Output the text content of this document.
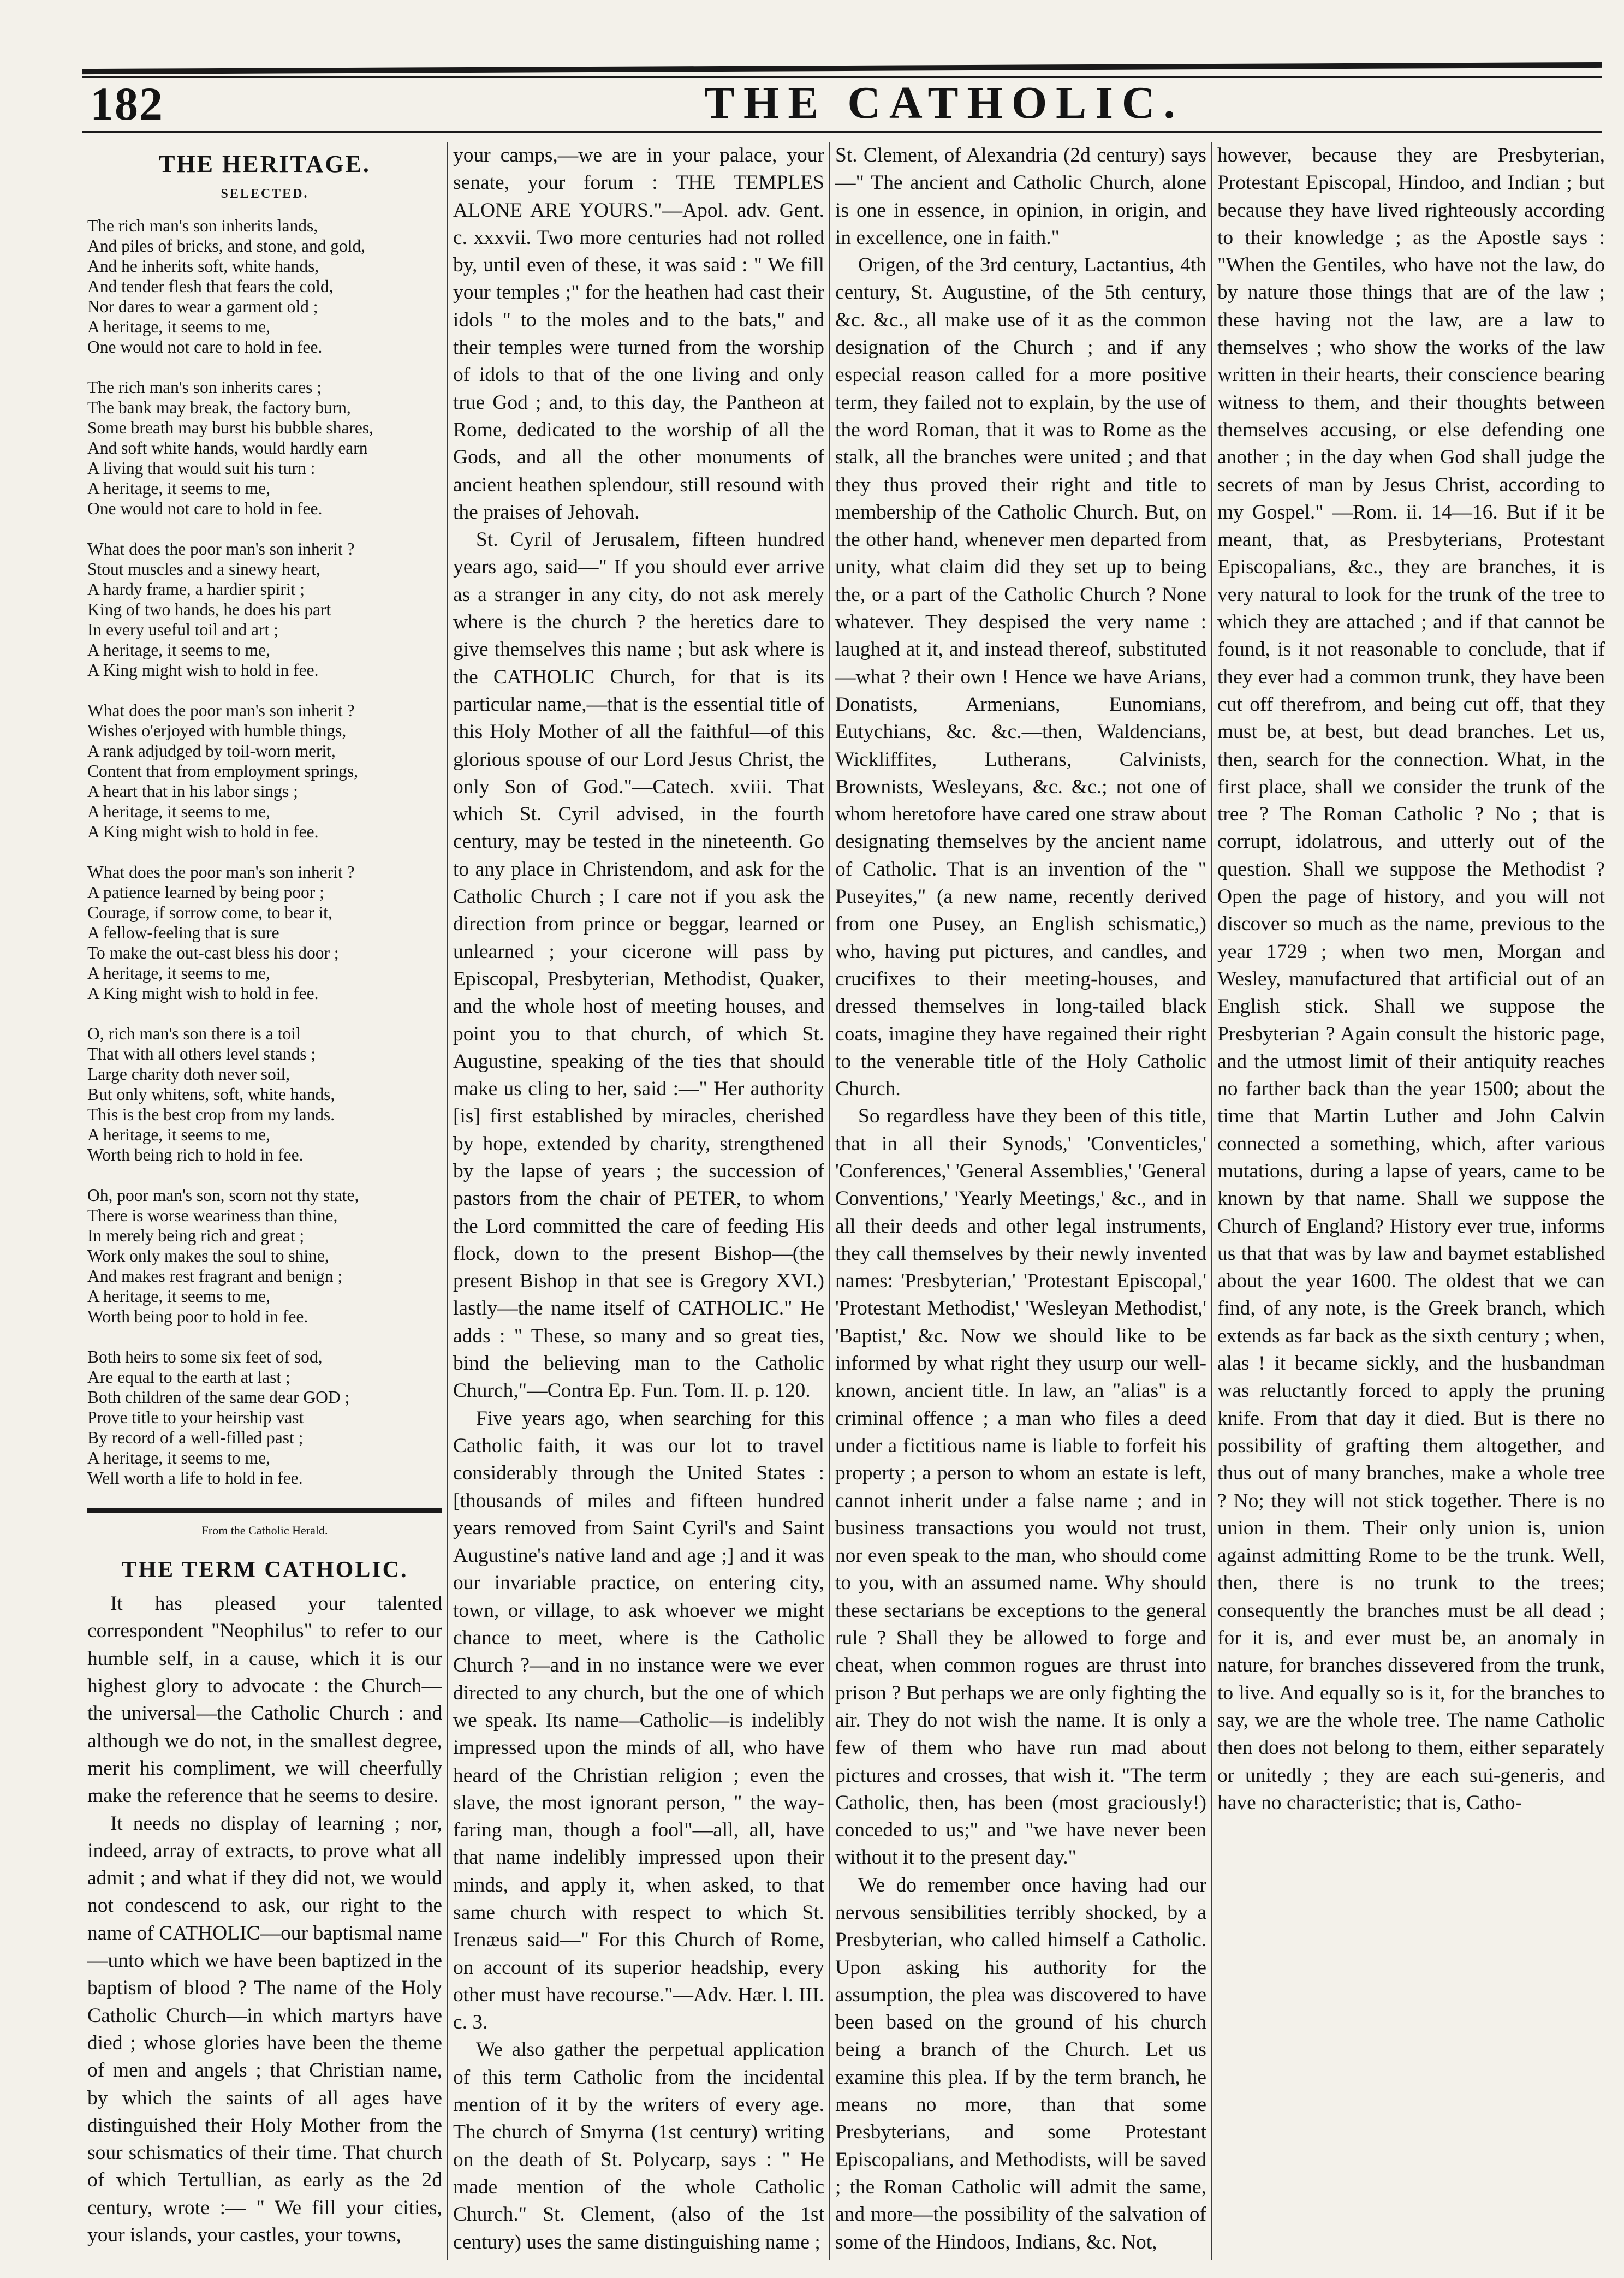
182	THE CATHOLIC.
THE HERITAGE.
SELECTED.
The rich man's son inherits lands,
And piles of bricks, and stone, and gold,
And he inherits soft, white hands,
And tender flesh that fears the cold,
Nor dares to wear a garment old ;
A heritage, it seems to me,
One would not care to hold in fee.
The rich man's son inherits cares ;
The bank may break, the factory burn,
Some breath may burst his bubble shares,
And soft white hands, would hardly earn
A living that would suit his turn :
A heritage, it seems to me,
One would not care to hold in fee.
What does the poor man's son inherit ?
Stout muscles and a sinewy heart,
A hardy frame, a hardier spirit ;
King of two hands, he does his part
In every useful toil and art ;
A heritage, it seems to me,
A King might wish to hold in fee.
What does the poor man's son inherit ?
Wishes o'erjoyed with humble things,
A rank adjudged by toil-worn merit,
Content that from employment springs,
A heart that in his labor sings ;
A heritage, it seems to me,
A King might wish to hold in fee.
What does the poor man's son inherit ?
A patience learned by being poor ;
Courage, if sorrow come, to bear it,
A fellow-feeling that is sure
To make the out-cast bless his door ;
A heritage, it seems to me,
A King might wish to hold in fee.
O, rich man's son there is a toil
That with all others level stands ;
Large charity doth never soil,
But only whitens, soft, white hands,
This is the best crop from my lands.
A heritage, it seems to me,
Worth being rich to hold in fee.
Oh, poor man's son, scorn not thy state,
There is worse weariness than thine,
In merely being rich and great ;
Work only makes the soul to shine,
And makes rest fragrant and benign ;
A heritage, it seems to me,
Worth being poor to hold in fee.
Both heirs to some six feet of sod,
Are equal to the earth at last ;
Both children of the same dear GOD ;
Prove title to your heirship vast
By record of a well-filled past ;
A heritage, it seems to me,
Well worth a life to hold in fee.
From the Catholic Herald.
THE TERM CATHOLIC.

It has pleased your talented correspondent "Neophilus" to refer to our humble self, in a cause, which it is our highest glory to advocate : the Church—the universal—the Catholic Church : and although we do not, in the smallest degree, merit his compliment, we will cheerfully make the reference that he seems to desire.

It needs no display of learning ; nor, indeed, array of extracts, to prove what all admit ; and what if they did not, we would not condescend to ask, our right to the name of CATHOLIC—our baptismal name—unto which we have been baptized in the baptism of blood ? The name of the Holy Catholic Church—in which martyrs have died ; whose glories have been the theme of men and angels ; that Christian name, by which the saints of all ages have distinguished their Holy Mother from the sour schismatics of their time. That church of which Tertullian, as early as the 2d century, wrote :— " We fill your cities, your islands, your castles, your towns,

your camps,—we are in your palace, your senate, your forum : THE TEMPLES ALONE ARE YOURS."—Apol. adv. Gent. c. xxxvii. Two more centuries had not rolled by, until even of these, it was said : " We fill your temples ;" for the heathen had cast their idols " to the moles and to the bats," and their temples were turned from the worship of idols to that of the one living and only true God ; and, to this day, the Pantheon at Rome, dedicated to the worship of all the Gods, and all the other monuments of ancient heathen splendour, still resound with the praises of Jehovah.

St. Cyril of Jerusalem, fifteen hundred years ago, said—" If you should ever arrive as a stranger in any city, do not ask merely where is the church ? the heretics dare to give themselves this name ; but ask where is the CATHOLIC Church, for that is its particular name,—that is the essential title of this Holy Mother of all the faithful—of this glorious spouse of our Lord Jesus Christ, the only Son of God."—Catech. xviii. That which St. Cyril advised, in the fourth century, may be tested in the nineteenth. Go to any place in Christendom, and ask for the Catholic Church ; I care not if you ask the direction from prince or beggar, learned or unlearned ; your cicerone will pass by Episcopal, Presbyterian, Methodist, Quaker, and the whole host of meeting houses, and point you to that church, of which St. Augustine, speaking of the ties that should make us cling to her, said :—" Her authority [is] first established by miracles, cherished by hope, extended by charity, strengthened by the lapse of years ; the succession of pastors from the chair of PETER, to whom the Lord committed the care of feeding His flock, down to the present Bishop—(the present Bishop in that see is Gregory XVI.) lastly—the name itself of CATHOLIC." He adds : " These, so many and so great ties, bind the believing man to the Catholic Church,"—Contra Ep. Fun. Tom. II. p. 120.

Five years ago, when searching for this Catholic faith, it was our lot to travel considerably through the United States : [thousands of miles and fifteen hundred years removed from Saint Cyril's and Saint Augustine's native land and age ;] and it was our invariable practice, on entering city, town, or village, to ask whoever we might chance to meet, where is the Catholic Church ?—and in no instance were we ever directed to any church, but the one of which we speak. Its name—Catholic—is indelibly impressed upon the minds of all, who have heard of the Christian religion ; even the slave, the most ignorant person, " the way-faring man, though a fool"—all, all, have that name indelibly impressed upon their minds, and apply it, when asked, to that same church with respect to which St. Irenæus said—" For this Church of Rome, on account of its superior headship, every other must have recourse."—Adv. Hær. l. III. c. 3.

We also gather the perpetual application of this term Catholic from the incidental mention of it by the writers of every age. The church of Smyrna (1st century) writing on the death of St. Polycarp, says : " He made mention of the whole Catholic Church." St. Clement, (also of the 1st century) uses the same distinguishing name ;

St. Clement, of Alexandria (2d century) says—" The ancient and Catholic Church, alone is one in essence, in opinion, in origin, and in excellence, one in faith."

Origen, of the 3rd century, Lactantius, 4th century, St. Augustine, of the 5th century, &c. &c., all make use of it as the common designation of the Church ; and if any especial reason called for a more positive term, they failed not to explain, by the use of the word Roman, that it was to Rome as the stalk, all the branches were united ; and that they thus proved their right and title to membership of the Catholic Church. But, on the other hand, whenever men departed from unity, what claim did they set up to being the, or a part of the Catholic Church ? None whatever. They despised the very name : laughed at it, and instead thereof, substituted—what ? their own ! Hence we have Arians, Donatists, Armenians, Eunomians, Eutychians, &c. &c.—then, Waldencians, Wickliffites, Lutherans, Calvinists, Brownists, Wesleyans, &c. &c.; not one of whom heretofore have cared one straw about designating themselves by the ancient name of Catholic. That is an invention of the " Puseyites," (a new name, recently derived from one Pusey, an English schismatic,) who, having put pictures, and candles, and crucifixes to their meeting-houses, and dressed themselves in long-tailed black coats, imagine they have regained their right to the venerable title of the Holy Catholic Church.

So regardless have they been of this title, that in all their Synods,' 'Conventicles,' 'Conferences,' 'General Assemblies,' 'General Conventions,' 'Yearly Meetings,' &c., and in all their deeds and other legal instruments, they call themselves by their newly invented names: 'Presbyterian,' 'Protestant Episcopal,' 'Protestant Methodist,' 'Wesleyan Methodist,' 'Baptist,' &c. Now we should like to be informed by what right they usurp our well-known, ancient title. In law, an "alias" is a criminal offence ; a man who files a deed under a fictitious name is liable to forfeit his property ; a person to whom an estate is left, cannot inherit under a false name ; and in business transactions you would not trust, nor even speak to the man, who should come to you, with an assumed name. Why should these sectarians be exceptions to the general rule ? Shall they be allowed to forge and cheat, when common rogues are thrust into prison ? But perhaps we are only fighting the air. They do not wish the name. It is only a few of them who have run mad about pictures and crosses, that wish it. "The term Catholic, then, has been (most graciously!) conceded to us;" and "we have never been without it to the present day."

We do remember once having had our nervous sensibilities terribly shocked, by a Presbyterian, who called himself a Catholic. Upon asking his authority for the assumption, the plea was discovered to have been based on the ground of his church being a branch of the Church. Let us examine this plea. If by the term branch, he means no more, than that some Presbyterians, and some Protestant Episcopalians, and Methodists, will be saved ; the Roman Catholic will admit the same, and more—the possibility of the salvation of some of the Hindoos, Indians, &c. Not,

however, because they are Presbyterian, Protestant Episcopal, Hindoo, and Indian ; but because they have lived righteously according to their knowledge ; as the Apostle says : "When the Gentiles, who have not the law, do by nature those things that are of the law ; these having not the law, are a law to themselves ; who show the works of the law written in their hearts, their conscience bearing witness to them, and their thoughts between themselves accusing, or else defending one another ; in the day when God shall judge the secrets of man by Jesus Christ, according to my Gospel." —Rom. ii. 14—16. But if it be meant, that, as Presbyterians, Protestant Episcopalians, &c., they are branches, it is very natural to look for the trunk of the tree to which they are attached ; and if that cannot be found, is it not reasonable to conclude, that if they ever had a common trunk, they have been cut off therefrom, and being cut off, that they must be, at best, but dead branches. Let us, then, search for the connection. What, in the first place, shall we consider the trunk of the tree ? The Roman Catholic ? No ; that is corrupt, idolatrous, and utterly out of the question. Shall we suppose the Methodist ? Open the page of history, and you will not discover so much as the name, previous to the year 1729 ; when two men, Morgan and Wesley, manufactured that artificial out of an English stick. Shall we suppose the Presbyterian ? Again consult the historic page, and the utmost limit of their antiquity reaches no farther back than the year 1500; about the time that Martin Luther and John Calvin connected a something, which, after various mutations, during a lapse of years, came to be known by that name. Shall we suppose the Church of England? History ever true, informs us that that was by law and baymet established about the year 1600. The oldest that we can find, of any note, is the Greek branch, which extends as far back as the sixth century ; when, alas ! it became sickly, and the husbandman was reluctantly forced to apply the pruning knife. From that day it died. But is there no possibility of grafting them altogether, and thus out of many branches, make a whole tree ? No; they will not stick together. There is no union in them. Their only union is, union against admitting Rome to be the trunk. Well, then, there is no trunk to the trees; consequently the branches must be all dead ; for it is, and ever must be, an anomaly in nature, for branches dissevered from the trunk, to live. And equally so is it, for the branches to say, we are the whole tree. The name Catholic then does not belong to them, either separately or unitedly ; they are each sui-generis, and have no characteristic; that is, Catho-
